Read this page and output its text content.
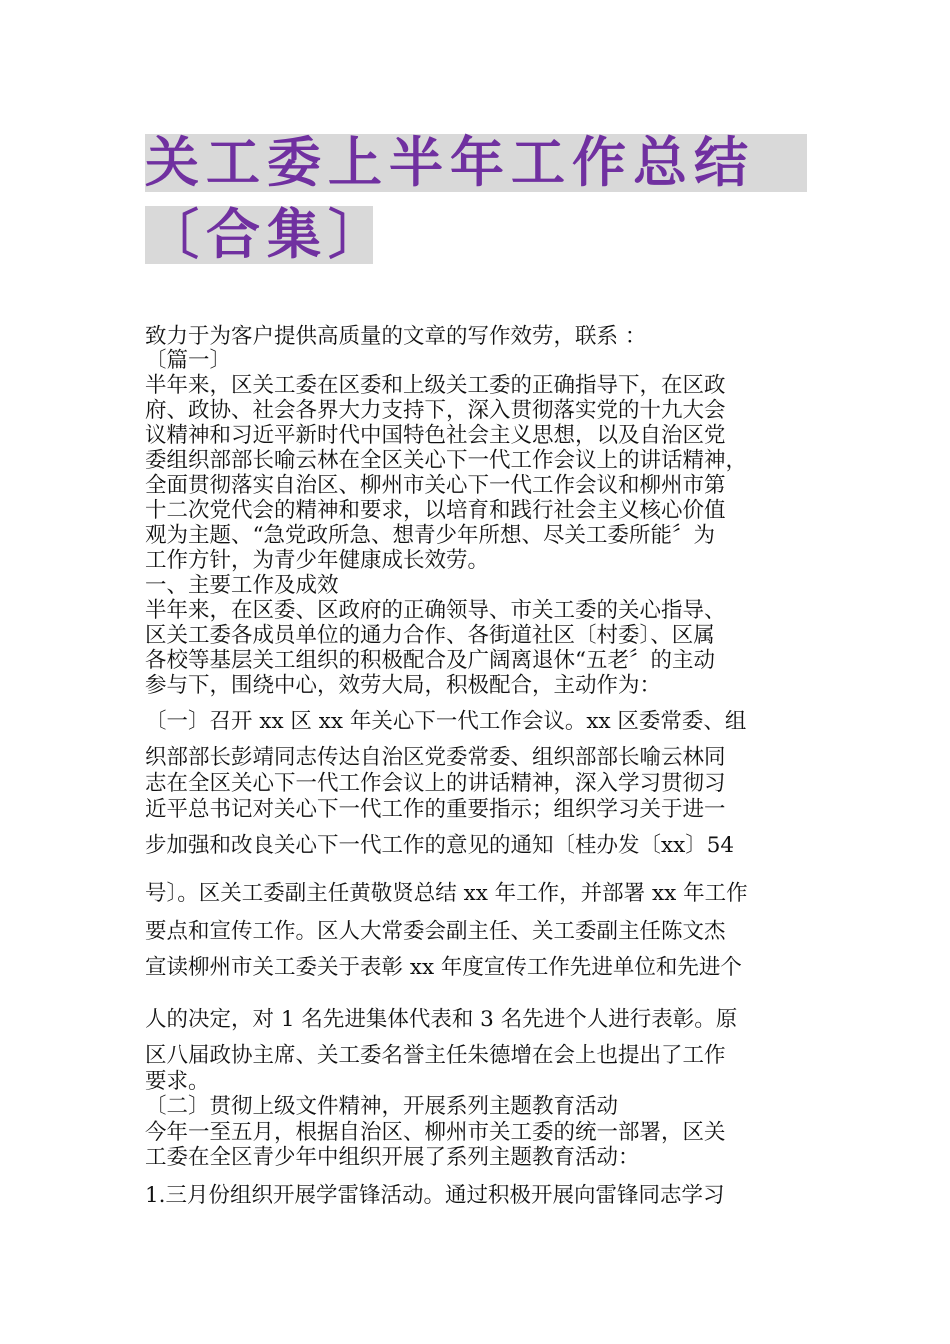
关工委上半年工作总结
〔合集〕
致力于为客户提供高质量的文章的写作效劳，联系 ：
〔篇一〕
半年来，区关工委在区委和上级关工委的正确指导下，在区政
府、政协、社会各界大力支持下，深入贯彻落实党的十九大会
议精神和习近平新时代中国特色社会主义思想，以及自治区党
委组织部部长喻云林在全区关心下一代工作会议上的讲话精神，
全面贯彻落实自治区、柳州市关心下一代工作会议和柳州市第
十二次党代会的精神和要求，以培育和践行社会主义核心价值
观为主题、“急党政所急、想青少年所想、尽关工委所能〞为
工作方针，为青少年健康成长效劳。
一、主要工作及成效
半年来，在区委、区政府的正确领导、市关工委的关心指导、
区关工委各成员单位的通力合作、各街道社区〔村委〕、区属
各校等基层关工组织的积极配合及广阔离退休“五老〞的主动
参与下，围绕中心，效劳大局，积极配合，主动作为：
〔一〕召开 xx 区 xx 年关心下一代工作会议。xx 区委常委、组
织部部长彭靖同志传达自治区党委常委、组织部部长喻云林同
志在全区关心下一代工作会议上的讲话精神，深入学习贯彻习
近平总书记对关心下一代工作的重要指示；组织学习关于进一
步加强和改良关心下一代工作的意见的通知〔桂办发〔xx〕54
号〕。区关工委副主任黄敬贤总结 xx 年工作，并部署 xx 年工作
要点和宣传工作。区人大常委会副主任、关工委副主任陈文杰
宣读柳州市关工委关于表彰 xx 年度宣传工作先进单位和先进个
人的决定，对 1 名先进集体代表和 3 名先进个人进行表彰。原
区八届政协主席、关工委名誉主任朱德增在会上也提出了工作
要求。
〔二〕贯彻上级文件精神，开展系列主题教育活动
今年一至五月，根据自治区、柳州市关工委的统一部署，区关
工委在全区青少年中组织开展了系列主题教育活动：
1.三月份组织开展学雷锋活动。通过积极开展向雷锋同志学习
